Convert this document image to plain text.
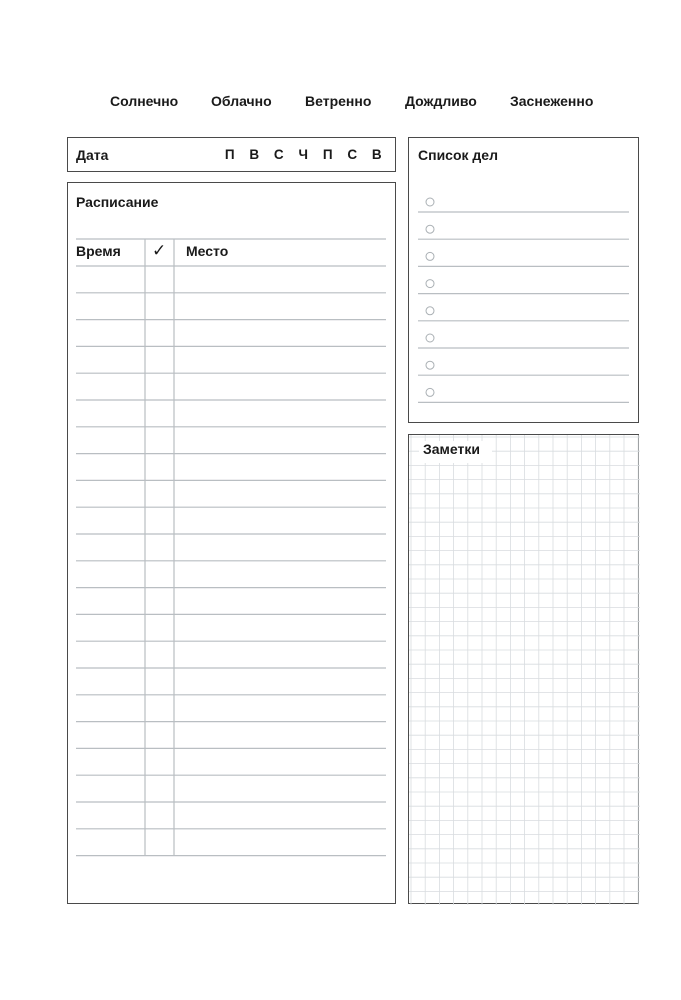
Солнечно Облачно Ветренно Дождливо Заснеженно
Дата	П	В	С	Ч	П	С	В
Расписание
Время ✓ Место
Список дел
Заметки
